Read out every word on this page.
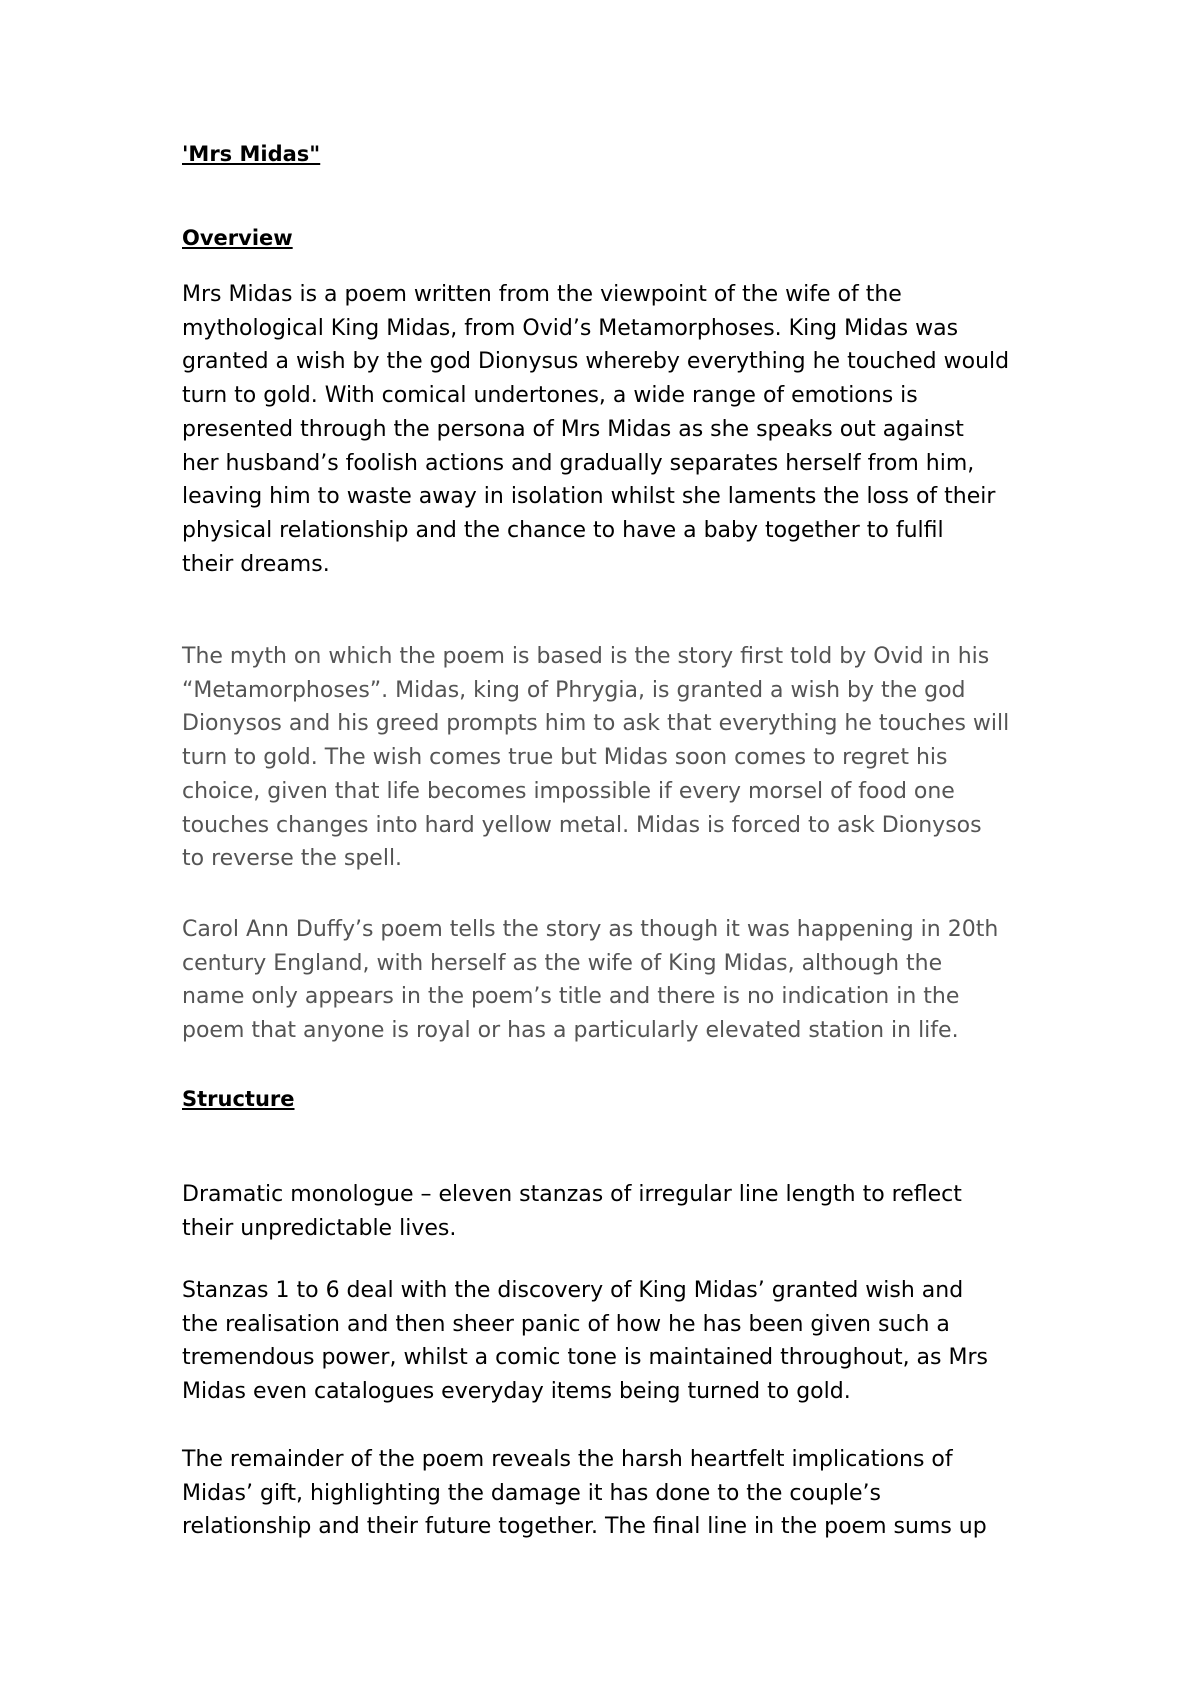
'Mrs Midas"
Overview
Mrs Midas is a poem written from the viewpoint of the wife of the
mythological King Midas, from Ovid’s Metamorphoses. King Midas was
granted a wish by the god Dionysus whereby everything he touched would
turn to gold. With comical undertones, a wide range of emotions is
presented through the persona of Mrs Midas as she speaks out against
her husband’s foolish actions and gradually separates herself from him,
leaving him to waste away in isolation whilst she laments the loss of their
physical relationship and the chance to have a baby together to fulfil
their dreams.
The myth on which the poem is based is the story first told by Ovid in his
“Metamorphoses”. Midas, king of Phrygia, is granted a wish by the god
Dionysos and his greed prompts him to ask that everything he touches will
turn to gold. The wish comes true but Midas soon comes to regret his
choice, given that life becomes impossible if every morsel of food one
touches changes into hard yellow metal. Midas is forced to ask Dionysos
to reverse the spell.
Carol Ann Duffy’s poem tells the story as though it was happening in 20th
century England, with herself as the wife of King Midas, although the
name only appears in the poem’s title and there is no indication in the
poem that anyone is royal or has a particularly elevated station in life.
Structure
Dramatic monologue – eleven stanzas of irregular line length to reflect
their unpredictable lives.
Stanzas 1 to 6 deal with the discovery of King Midas’ granted wish and
the realisation and then sheer panic of how he has been given such a
tremendous power, whilst a comic tone is maintained throughout, as Mrs
Midas even catalogues everyday items being turned to gold.
The remainder of the poem reveals the harsh heartfelt implications of
Midas’ gift, highlighting the damage it has done to the couple’s
relationship and their future together. The final line in the poem sums up
